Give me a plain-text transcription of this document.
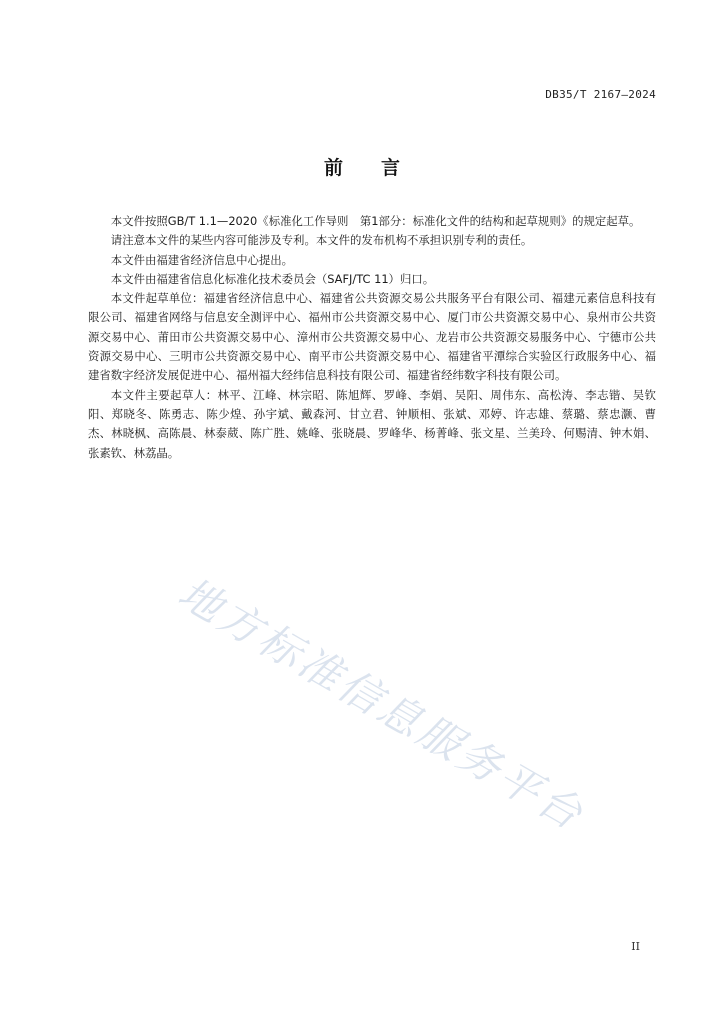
DB35/T 2167—2024
前言

本文件按照GB/T 1.1—2020《标准化工作导则　第1部分：标准化文件的结构和起草规则》的规定起草。

请注意本文件的某些内容可能涉及专利。本文件的发布机构不承担识别专利的责任。

本文件由福建省经济信息中心提出。

本文件由福建省信息化标准化技术委员会（SAFJ/TC 11）归口。

本文件起草单位：福建省经济信息中心、福建省公共资源交易公共服务平台有限公司、福建元素信息科技有限公司、福建省网络与信息安全测评中心、福州市公共资源交易中心、厦门市公共资源交易中心、泉州市公共资源交易中心、莆田市公共资源交易中心、漳州市公共资源交易中心、龙岩市公共资源交易服务中心、宁德市公共资源交易中心、三明市公共资源交易中心、南平市公共资源交易中心、福建省平潭综合实验区行政服务中心、福建省数字经济发展促进中心、福州福大经纬信息科技有限公司、福建省经纬数字科技有限公司。

本文件主要起草人：林平、江峰、林宗昭、陈旭辉、罗峰、李娟、吴阳、周伟东、高松涛、李志锴、吴钦阳、郑晓冬、陈勇志、陈少煌、孙宇斌、戴森河、甘立君、钟顺相、张斌、邓婷、许志雄、蔡璐、蔡忠灏、曹杰、林晓枫、高陈晨、林泰葳、陈广胜、姚峰、张晓晨、罗峰华、杨菁峰、张文星、兰美玲、何赐清、钟木娟、张素钦、林荔晶。

地方标准信息服务平台
II
